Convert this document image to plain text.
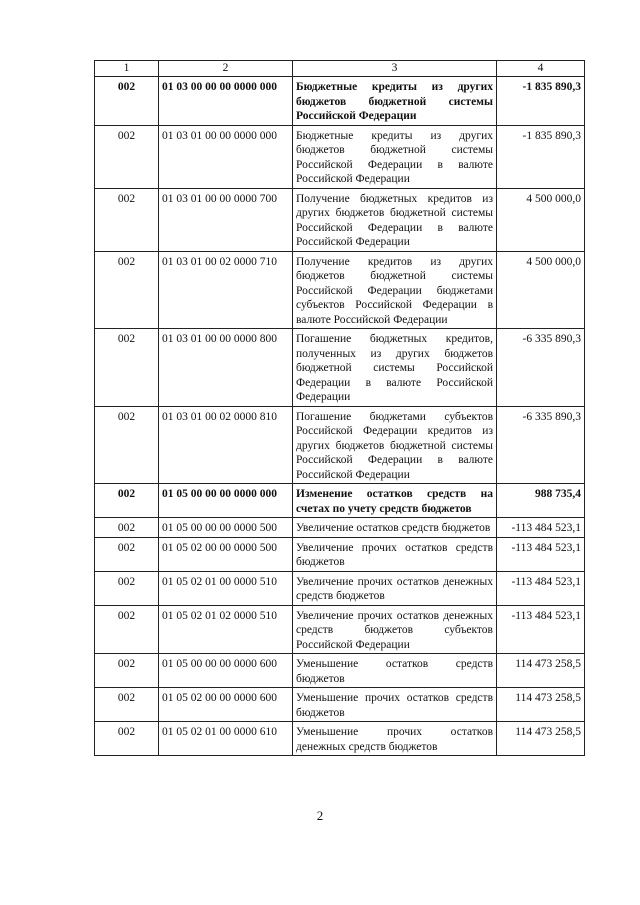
1	2	3	4
002	01 03 00 00 00 0000 000	Бюджетные кредиты из других бюджетов бюджетной системы Российской Федерации	-1 835 890,3
002	01 03 01 00 00 0000 000	Бюджетные кредиты из других бюджетов бюджетной системы Российской Федерации в валюте Российской Федерации	-1 835 890,3
002	01 03 01 00 00 0000 700	Получение бюджетных кредитов из других бюджетов бюджетной системы Российской Федерации в валюте Российской Федерации	4 500 000,0
002	01 03 01 00 02 0000 710	Получение кредитов из других бюджетов бюджетной системы Российской Федерации бюджетами субъектов Российской Федерации в валюте Российской Федерации	4 500 000,0
002	01 03 01 00 00 0000 800	Погашение бюджетных кредитов, полученных из других бюджетов бюджетной системы Российской Федерации в валюте Российской Федерации	-6 335 890,3
002	01 03 01 00 02 0000 810	Погашение бюджетами субъектов Российской Федерации кредитов из других бюджетов бюджетной системы Российской Федерации в валюте Российской Федерации	-6 335 890,3
002	01 05 00 00 00 0000 000	Изменение остатков средств на счетах по учету средств бюджетов	988 735,4
002	01 05 00 00 00 0000 500	Увеличение остатков средств бюджетов	-113 484 523,1
002	01 05 02 00 00 0000 500	Увеличение прочих остатков средств бюджетов	-113 484 523,1
002	01 05 02 01 00 0000 510	Увеличение прочих остатков денежных средств бюджетов	-113 484 523,1
002	01 05 02 01 02 0000 510	Увеличение прочих остатков денежных средств бюджетов субъектов Российской Федерации	-113 484 523,1
002	01 05 00 00 00 0000 600	Уменьшение остатков средств бюджетов	114 473 258,5
002	01 05 02 00 00 0000 600	Уменьшение прочих остатков средств бюджетов	114 473 258,5
002	01 05 02 01 00 0000 610	Уменьшение прочих остатков денежных средств бюджетов	114 473 258,5
2
